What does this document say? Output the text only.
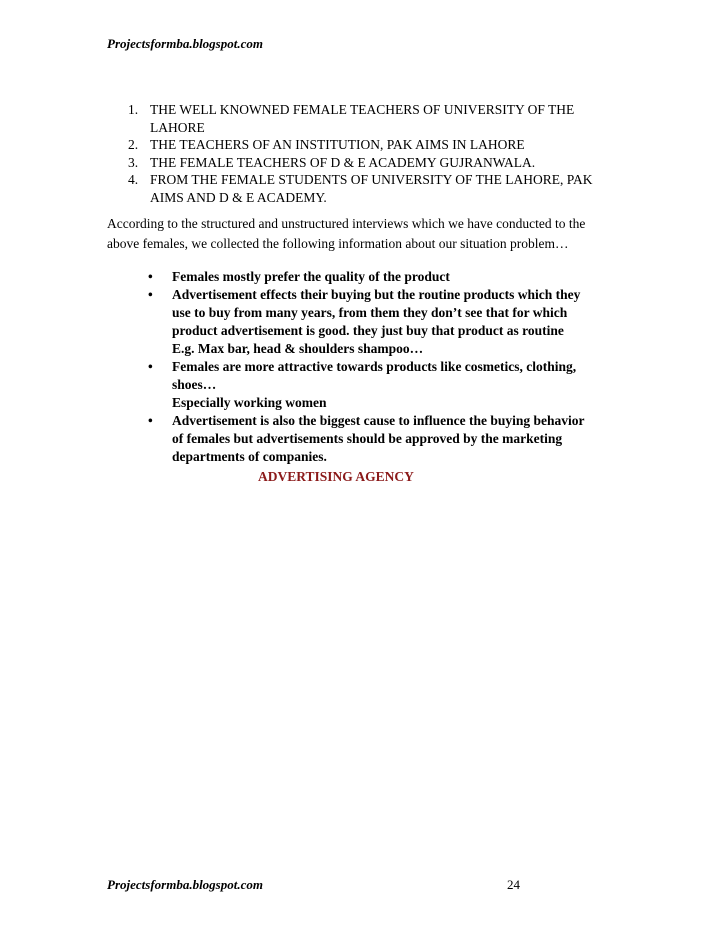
Projectsformba.blogspot.com
1. THE WELL KNOWNED FEMALE TEACHERS OF UNIVERSITY OF THE
LAHORE
2. THE TEACHERS OF AN INSTITUTION, PAK AIMS IN LAHORE
3. THE FEMALE TEACHERS OF D & E ACADEMY GUJRANWALA.
4. FROM THE FEMALE STUDENTS OF UNIVERSITY OF THE LAHORE, PAK
AIMS AND D & E ACADEMY.
According to the structured and unstructured interviews which we have conducted to the
above females, we collected the following information about our situation problem…
• Females mostly prefer the quality of the product
• Advertisement effects their buying but the routine products which they
use to buy from many years, from them they don’t see that for which
product advertisement is good. they just buy that product as routine
E.g. Max bar, head & shoulders shampoo…
• Females are more attractive towards products like cosmetics, clothing,
shoes…
Especially working women
• Advertisement is also the biggest cause to influence the buying behavior
of females but advertisements should be approved by the marketing
departments of companies.
ADVERTISING AGENCY
Projectsformba.blogspot.com	24
